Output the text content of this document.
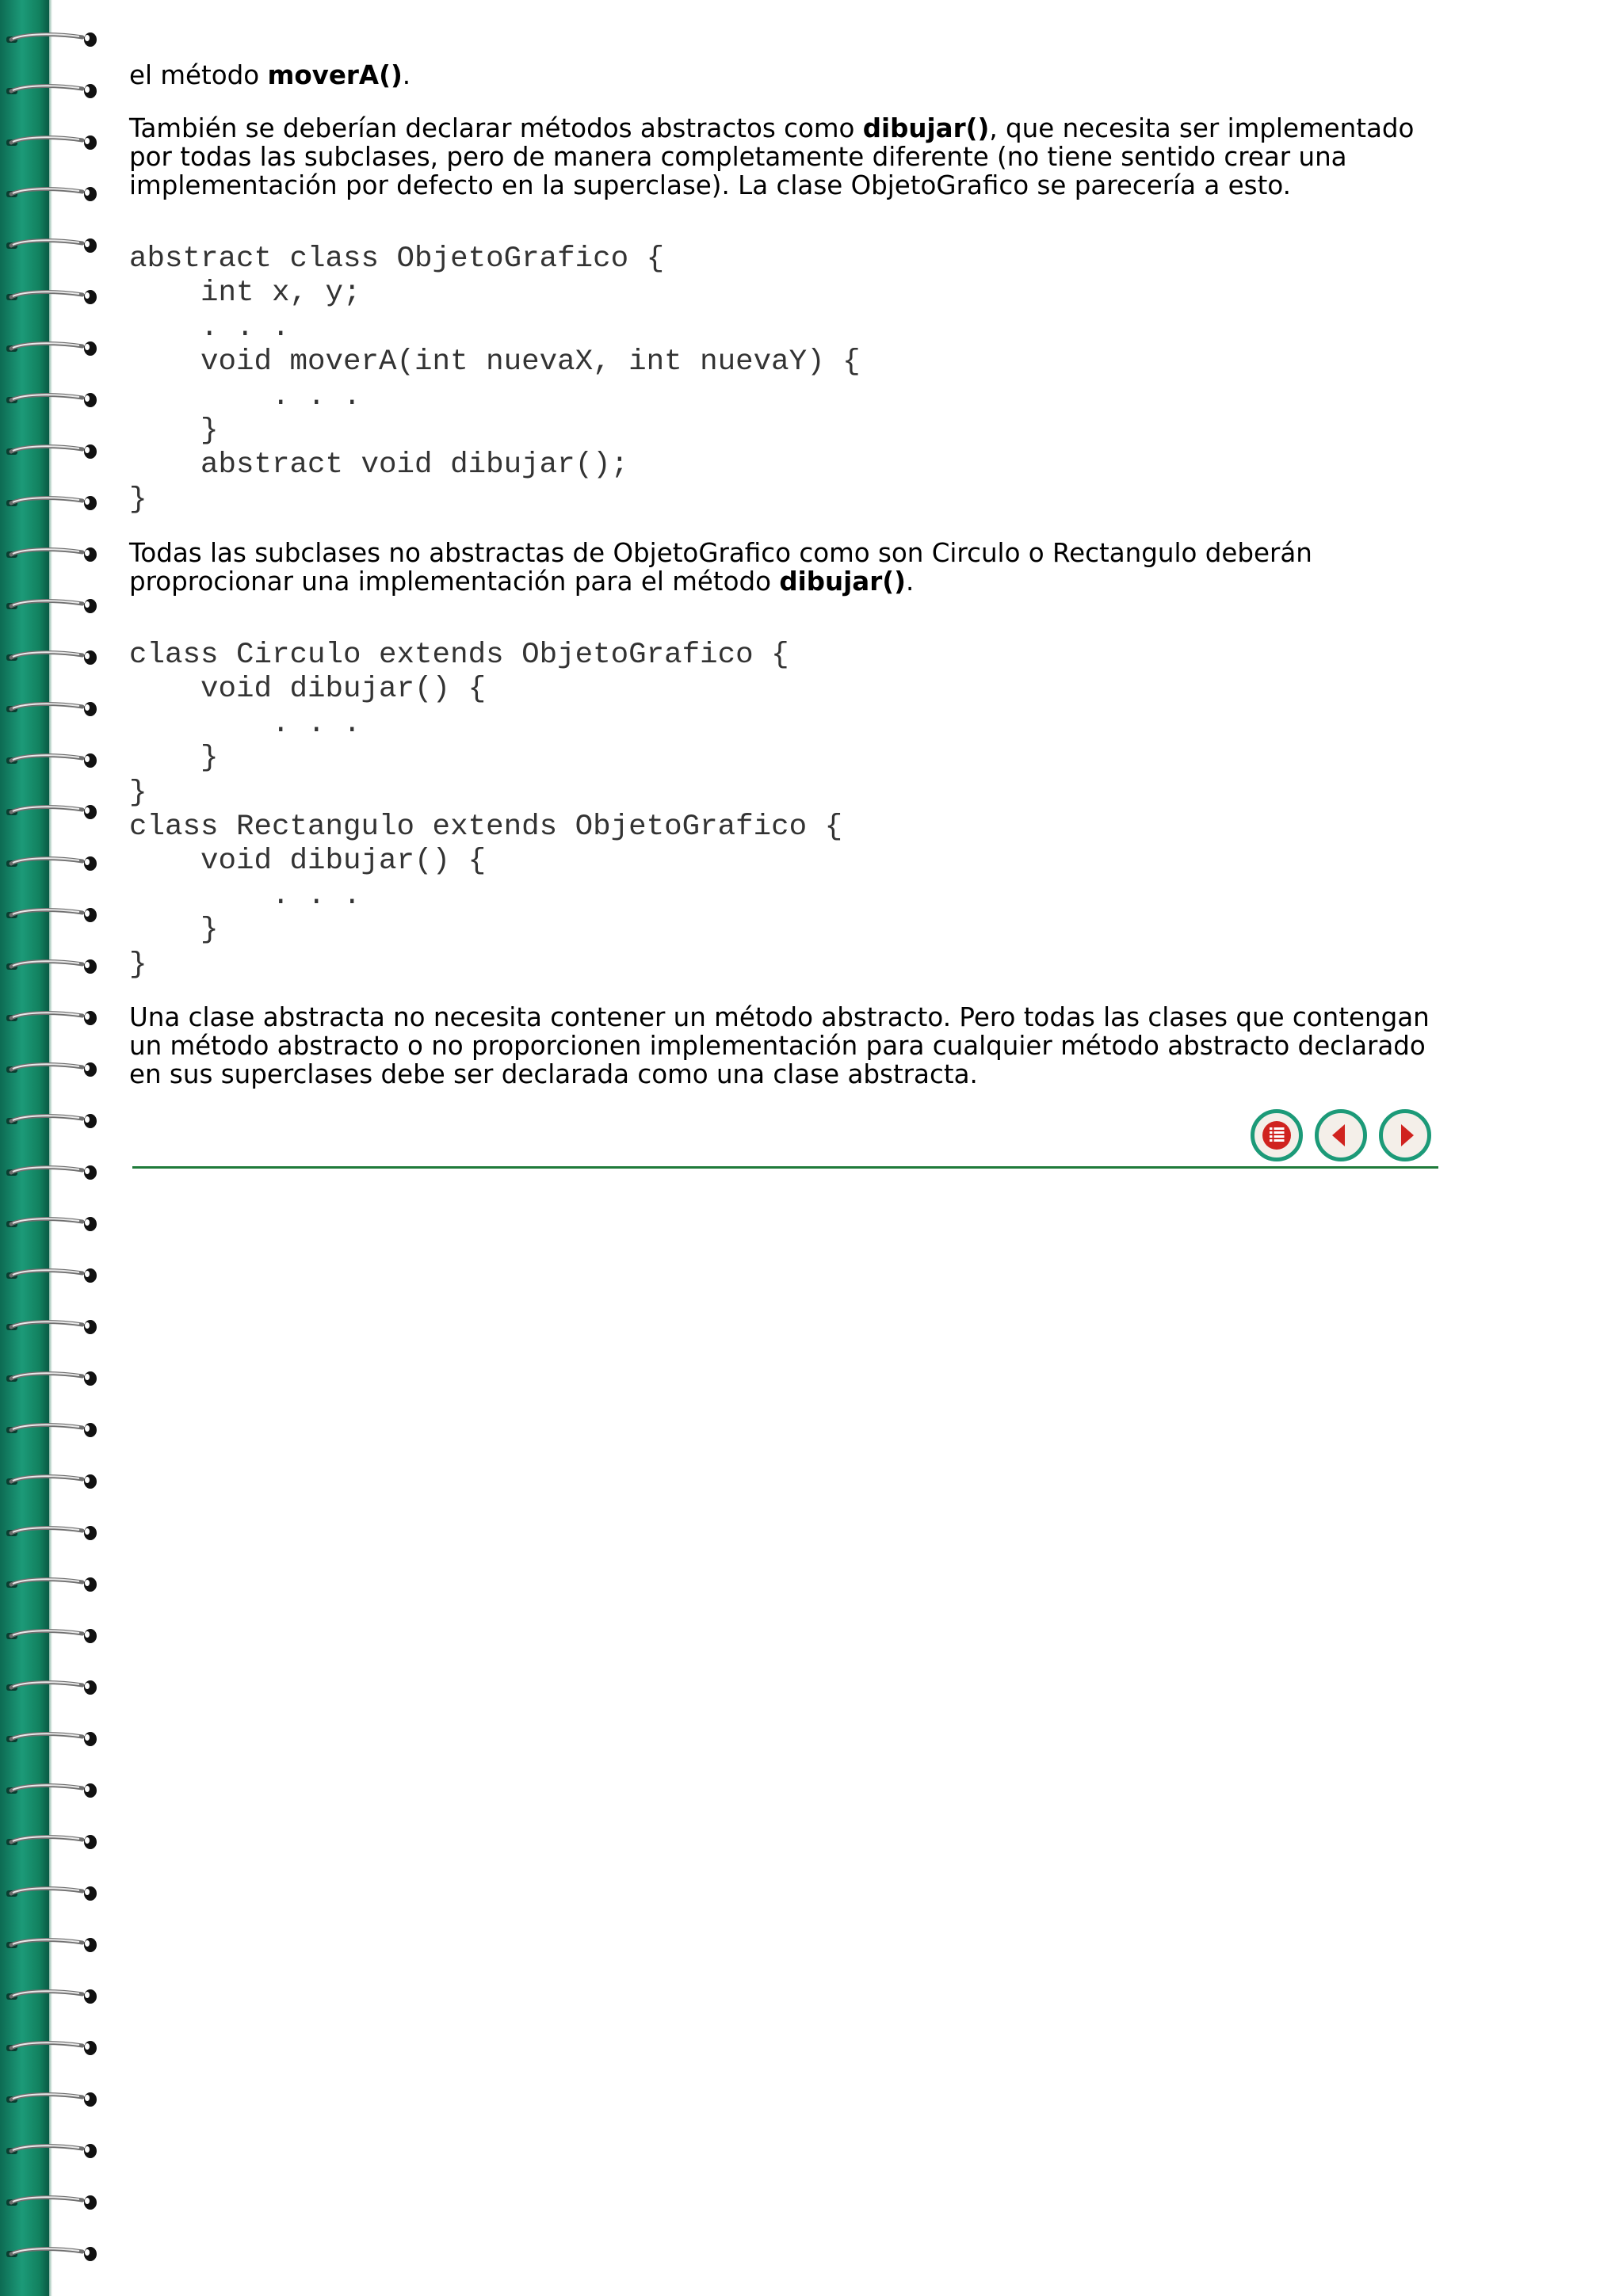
el método moverA().

También se deberían declarar métodos abstractos como dibujar(), que necesita ser implementado
por todas las subclases, pero de manera completamente diferente (no tiene sentido crear una
implementación por defecto en la superclase). La clase ObjetoGrafico se parecería a esto.
abstract class ObjetoGrafico {
int x, y;
. . .
void moverA(int nuevaX, int nuevaY) {
. . .
}
abstract void dibujar();
}
Todas las subclases no abstractas de ObjetoGrafico como son Circulo o Rectangulo deberán
proprocionar una implementación para el método dibujar().
class Circulo extends ObjetoGrafico {
void dibujar() {
. . .
}
}
class Rectangulo extends ObjetoGrafico {
void dibujar() {
. . .
}
}
Una clase abstracta no necesita contener un método abstracto. Pero todas las clases que contengan
un método abstracto o no proporcionen implementación para cualquier método abstracto declarado
en sus superclases debe ser declarada como una clase abstracta.
